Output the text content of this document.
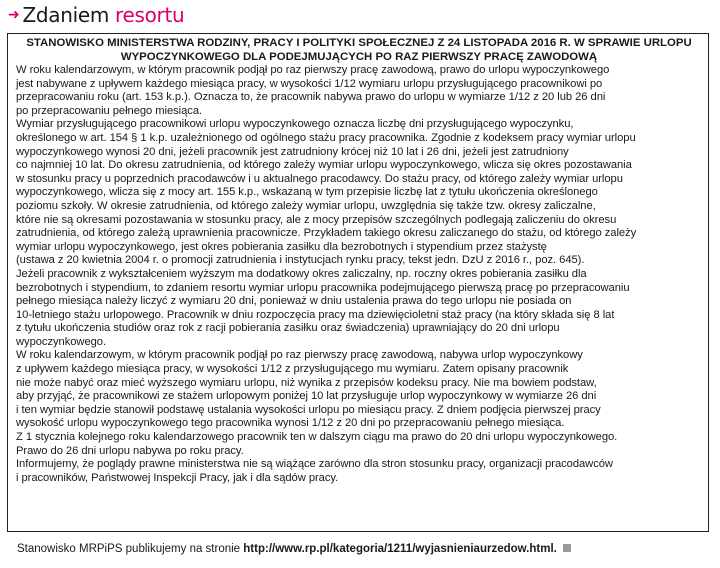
➜ Zdaniem resortu
STANOWISKO MINISTERSTWA RODZINY, PRACY I POLITYKI SPOŁECZNEJ Z 24 LISTOPADA 2016 R. W SPRAWIE URLOPU WYPOCZYNKOWEGO DLA PODEJMUJĄCYCH PO RAZ PIERWSZY PRACĘ ZAWODOWĄ

W roku kalendarzowym, w którym pracownik podjął po raz pierwszy pracę zawodową, prawo do urlopu wypoczynkowego
jest nabywane z upływem każdego miesiąca pracy, w wysokości 1/12 wymiaru urlopu przysługującego pracownikowi po
przepracowaniu roku (art. 153 k.p.). Oznacza to, że pracownik nabywa prawo do urlopu w wymiarze 1/12 z 20 lub 26 dni
po przepracowaniu pełnego miesiąca.
Wymiar przysługującego pracownikowi urlopu wypoczynkowego oznacza liczbę dni przysługującego wypoczynku,
określonego w art. 154 § 1 k.p. uzależnionego od ogólnego stażu pracy pracownika. Zgodnie z kodeksem pracy wymiar urlopu
wypoczynkowego wynosi 20 dni, jeżeli pracownik jest zatrudniony krócej niż 10 lat i 26 dni, jeżeli jest zatrudniony
co najmniej 10 lat. Do okresu zatrudnienia, od którego zależy wymiar urlopu wypoczynkowego, wlicza się okres pozostawania
w stosunku pracy u poprzednich pracodawców i u aktualnego pracodawcy. Do stażu pracy, od którego zależy wymiar urlopu
wypoczynkowego, wlicza się z mocy art. 155 k.p., wskazaną w tym przepisie liczbę lat z tytułu ukończenia określonego
poziomu szkoły. W okresie zatrudnienia, od którego zależy wymiar urlopu, uwzględnia się także tzw. okresy zaliczalne,
które nie są okresami pozostawania w stosunku pracy, ale z mocy przepisów szczególnych podlegają zaliczeniu do okresu
zatrudnienia, od którego zależą uprawnienia pracownicze. Przykładem takiego okresu zaliczanego do stażu, od którego zależy
wymiar urlopu wypoczynkowego, jest okres pobierania zasiłku dla bezrobotnych i stypendium przez stażystę
(ustawa z 20 kwietnia 2004 r. o promocji zatrudnienia i instytucjach rynku pracy, tekst jedn. DzU z 2016 r., poz. 645).
Jeżeli pracownik z wykształceniem wyższym ma dodatkowy okres zaliczalny, np. roczny okres pobierania zasiłku dla
bezrobotnych i stypendium, to zdaniem resortu wymiar urlopu pracownika podejmującego pierwszą pracę po przepracowaniu
pełnego miesiąca należy liczyć z wymiaru 20 dni, ponieważ w dniu ustalenia prawa do tego urlopu nie posiada on
10-letniego stażu urlopowego. Pracownik w dniu rozpoczęcia pracy ma dziewięcioletni staż pracy (na który składa się 8 lat
z tytułu ukończenia studiów oraz rok z racji pobierania zasiłku oraz świadczenia) uprawniający do 20 dni urlopu
wypoczynkowego.
W roku kalendarzowym, w którym pracownik podjął po raz pierwszy pracę zawodową, nabywa urlop wypoczynkowy
z upływem każdego miesiąca pracy, w wysokości 1/12 z przysługującego mu wymiaru. Zatem opisany pracownik
nie może nabyć oraz mieć wyższego wymiaru urlopu, niż wynika z przepisów kodeksu pracy. Nie ma bowiem podstaw,
aby przyjąć, że pracownikowi ze stażem urlopowym poniżej 10 lat przysługuje urlop wypoczynkowy w wymiarze 26 dni
i ten wymiar będzie stanowił podstawę ustalania wysokości urlopu po miesiącu pracy. Z dniem podjęcia pierwszej pracy
wysokość urlopu wypoczynkowego tego pracownika wynosi 1/12 z 20 dni po przepracowaniu pełnego miesiąca.
Z 1 stycznia kolejnego roku kalendarzowego pracownik ten w dalszym ciągu ma prawo do 20 dni urlopu wypoczynkowego.
Prawo do 26 dni urlopu nabywa po roku pracy.
Informujemy, że poglądy prawne ministerstwa nie są wiążące zarówno dla stron stosunku pracy, organizacji pracodawców
i pracowników, Państwowej Inspekcji Pracy, jak i dla sądów pracy.

Stanowisko MRPiPS publikujemy na stronie http://www.rp.pl/kategoria/1211/wyjasnieniaurzedow.html.
